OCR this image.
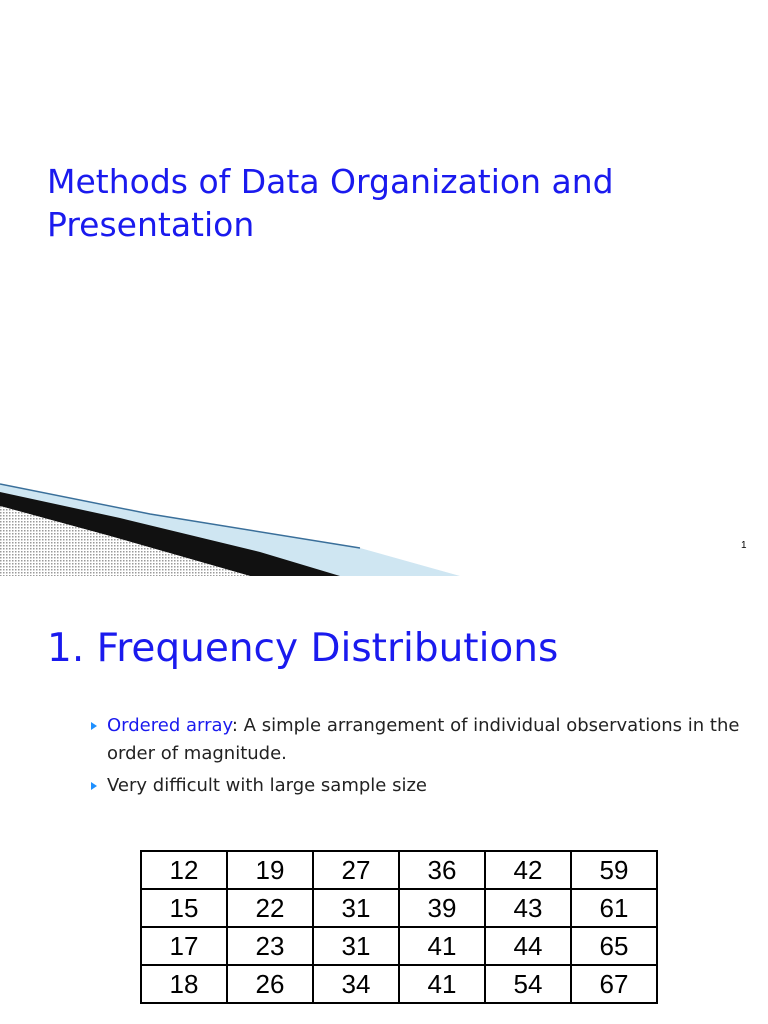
Methods of Data Organization and
Presentation
1
1. Frequency Distributions
Ordered array: A simple arrangement of individual observations in the order of magnitude.
Very difficult with large sample size
12	19	27	36	42	59
15	22	31	39	43	61
17	23	31	41	44	65
18	26	34	41	54	67
